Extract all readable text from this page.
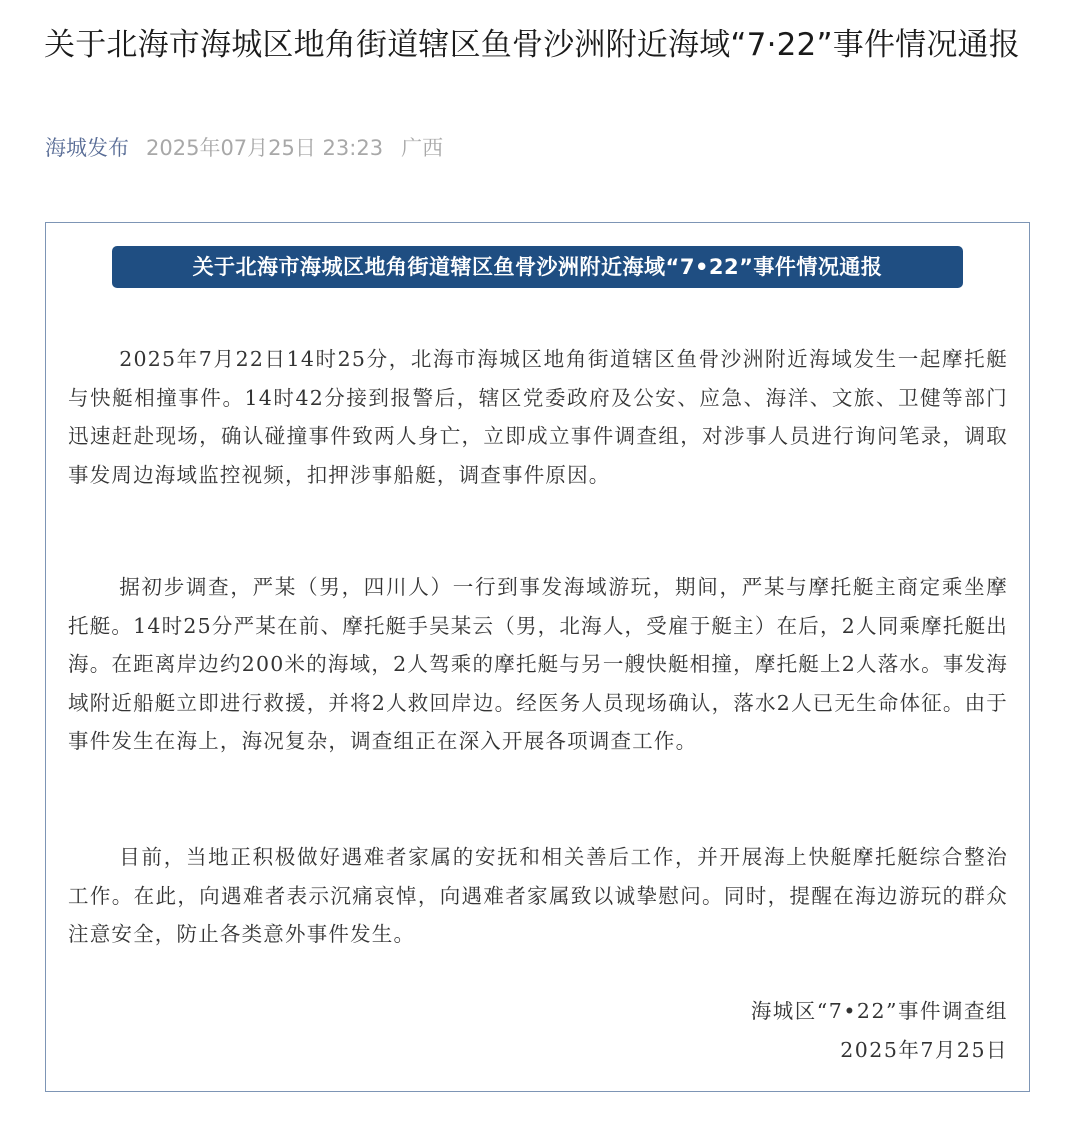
关于北海市海城区地角街道辖区鱼骨沙洲附近海域“7·22”事件情况通报
海城发布 2025年07月25日 23:23 广西
关于北海市海城区地角街道辖区鱼骨沙洲附近海域“7•22”事件情况通报

2025年7月22日14时25分，北海市海城区地角街道辖区鱼骨沙洲附近海域发生一起摩托艇与快艇相撞事件。14时42分接到报警后，辖区党委政府及公安、应急、海洋、文旅、卫健等部门迅速赶赴现场，确认碰撞事件致两人身亡，立即成立事件调查组，对涉事人员进行询问笔录，调取事发周边海域监控视频，扣押涉事船艇，调查事件原因。

据初步调查，严某（男，四川人）一行到事发海域游玩，期间，严某与摩托艇主商定乘坐摩托艇。14时25分严某在前、摩托艇手吴某云（男，北海人，受雇于艇主）在后，2人同乘摩托艇出海。在距离岸边约200米的海域，2人驾乘的摩托艇与另一艘快艇相撞，摩托艇上2人落水。事发海域附近船艇立即进行救援，并将2人救回岸边。经医务人员现场确认，落水2人已无生命体征。由于事件发生在海上，海况复杂，调查组正在深入开展各项调查工作。

目前，当地正积极做好遇难者家属的安抚和相关善后工作，并开展海上快艇摩托艇综合整治工作。在此，向遇难者表示沉痛哀悼，向遇难者家属致以诚挚慰问。同时，提醒在海边游玩的群众注意安全，防止各类意外事件发生。

海城区“7•22”事件调查组
2025年7月25日
